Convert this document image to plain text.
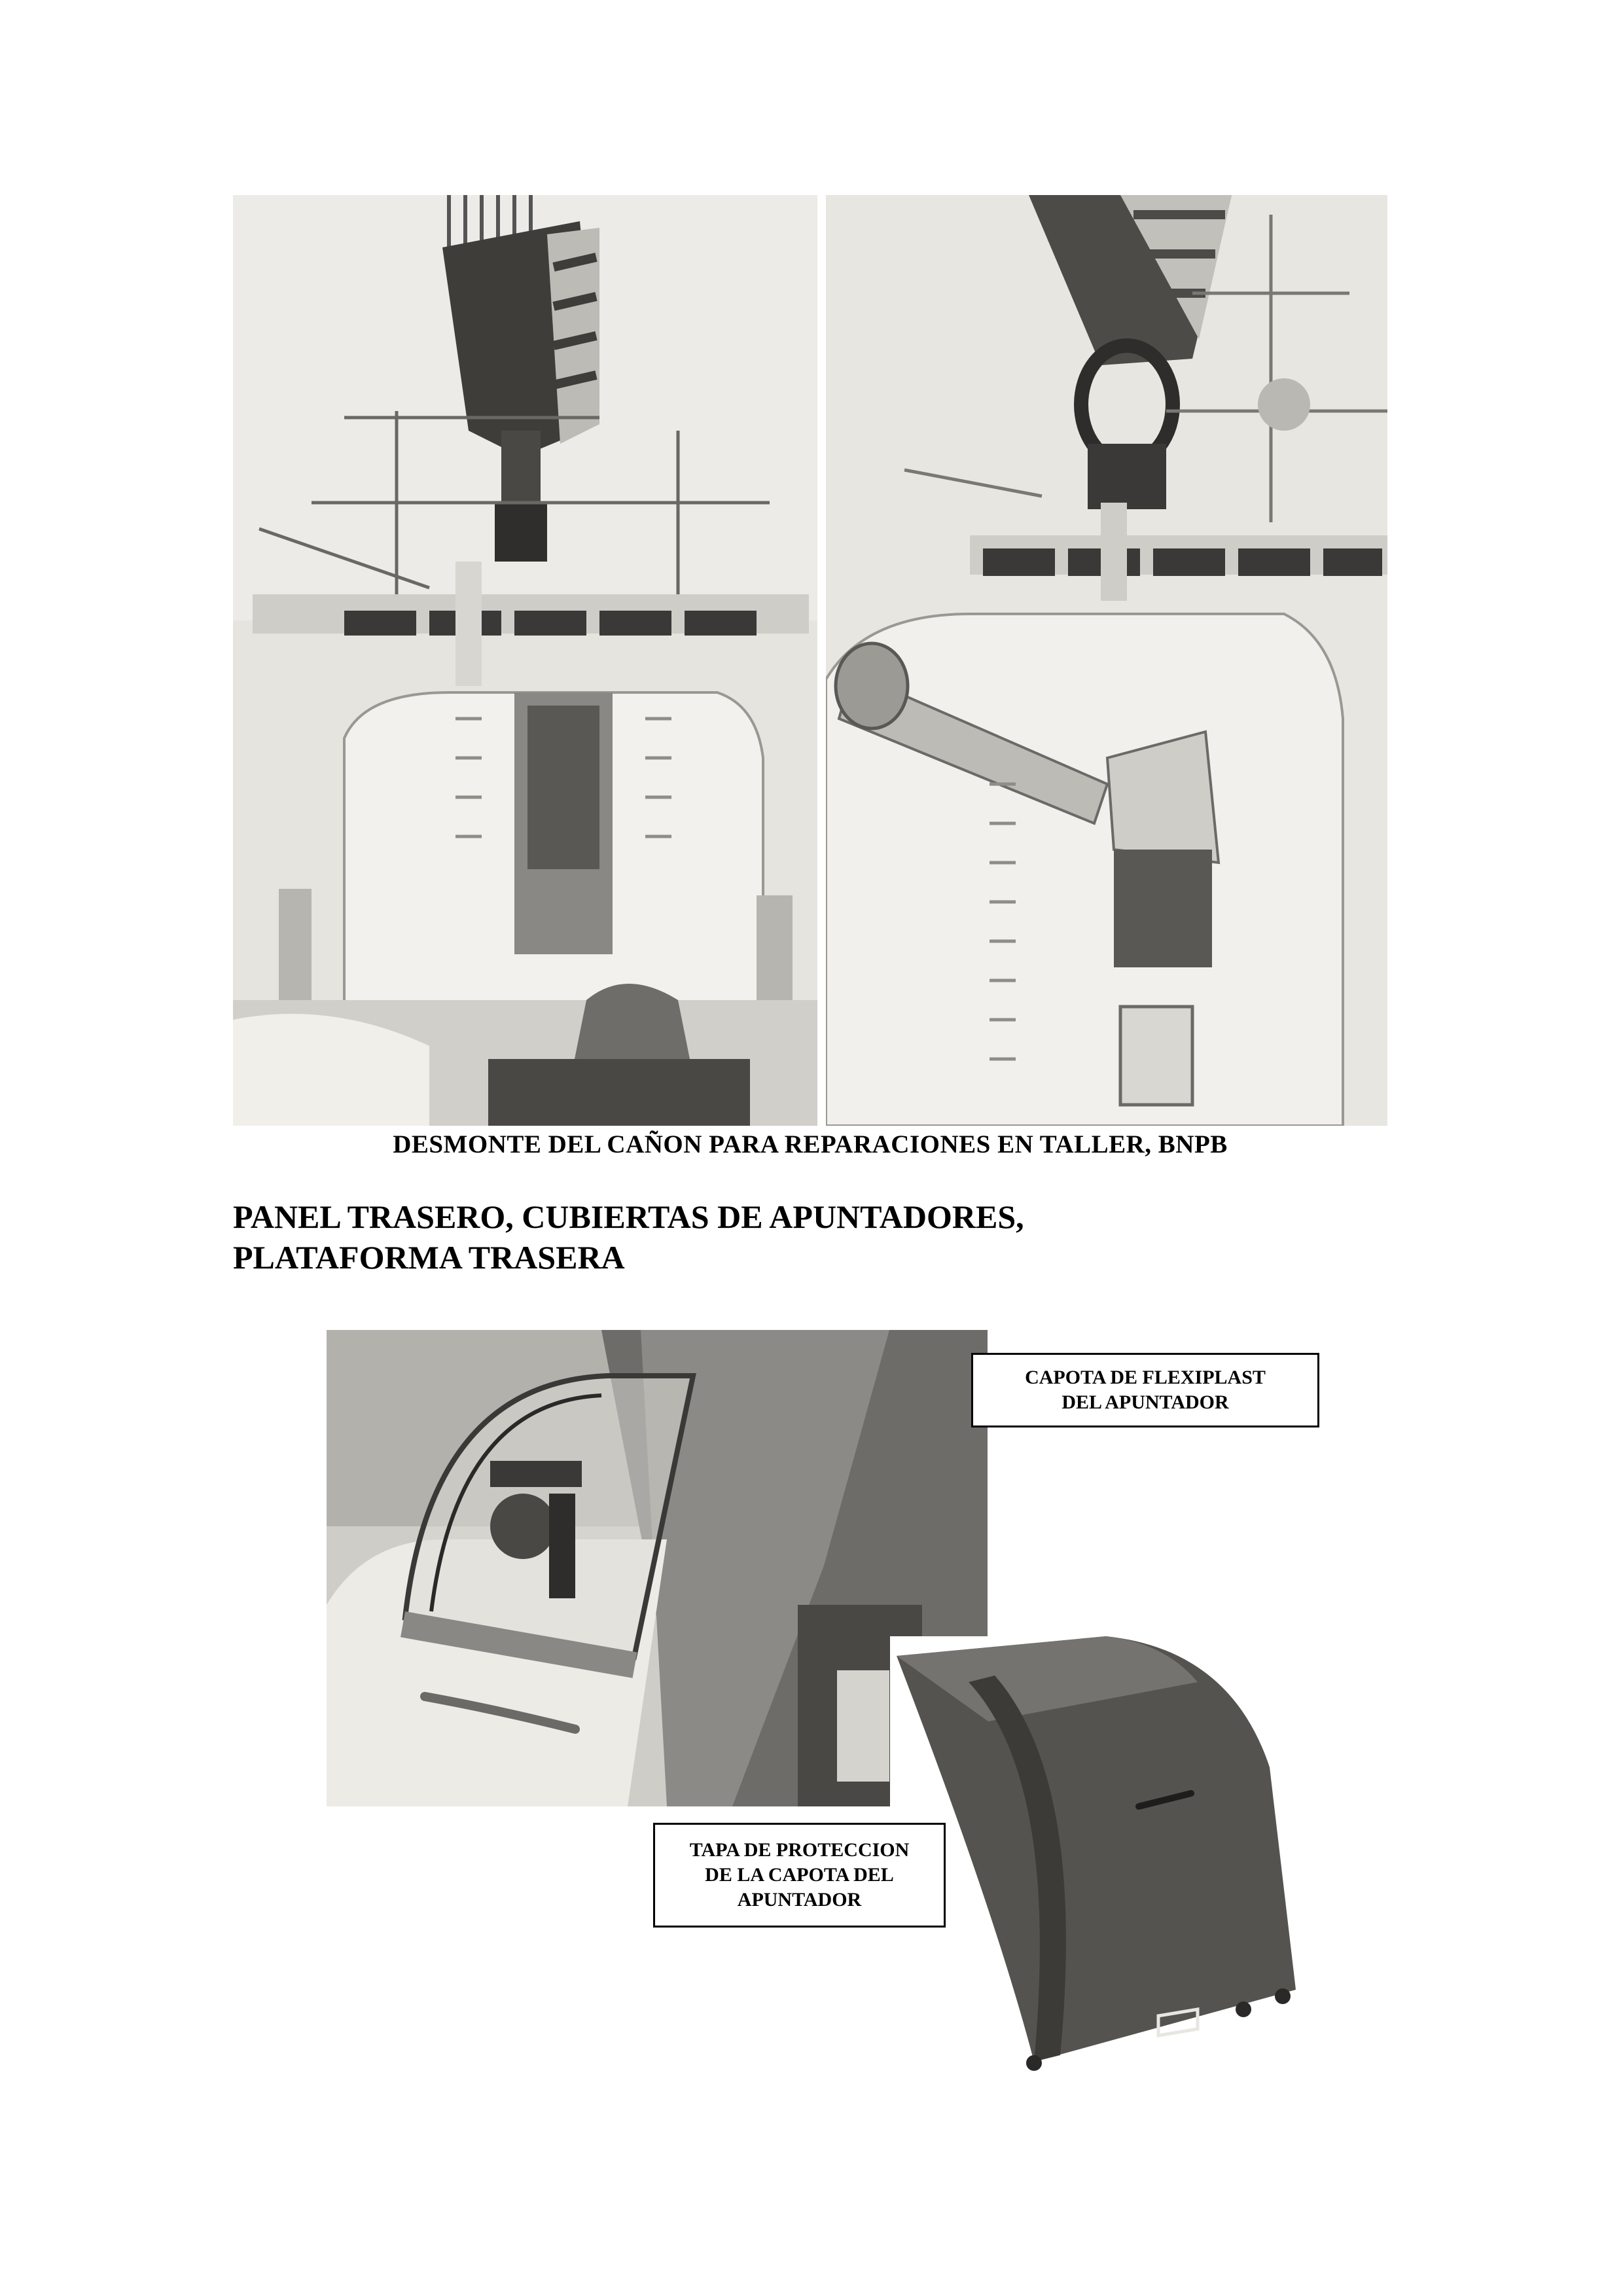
DESMONTE DEL CAÑON PARA REPARACIONES EN TALLER, BNPB
PANEL TRASERO, CUBIERTAS DE APUNTADORES,
PLATAFORMA TRASERA
CAPOTA DE FLEXIPLAST
DEL APUNTADOR
TAPA DE PROTECCION
DE LA CAPOTA DEL
APUNTADOR
